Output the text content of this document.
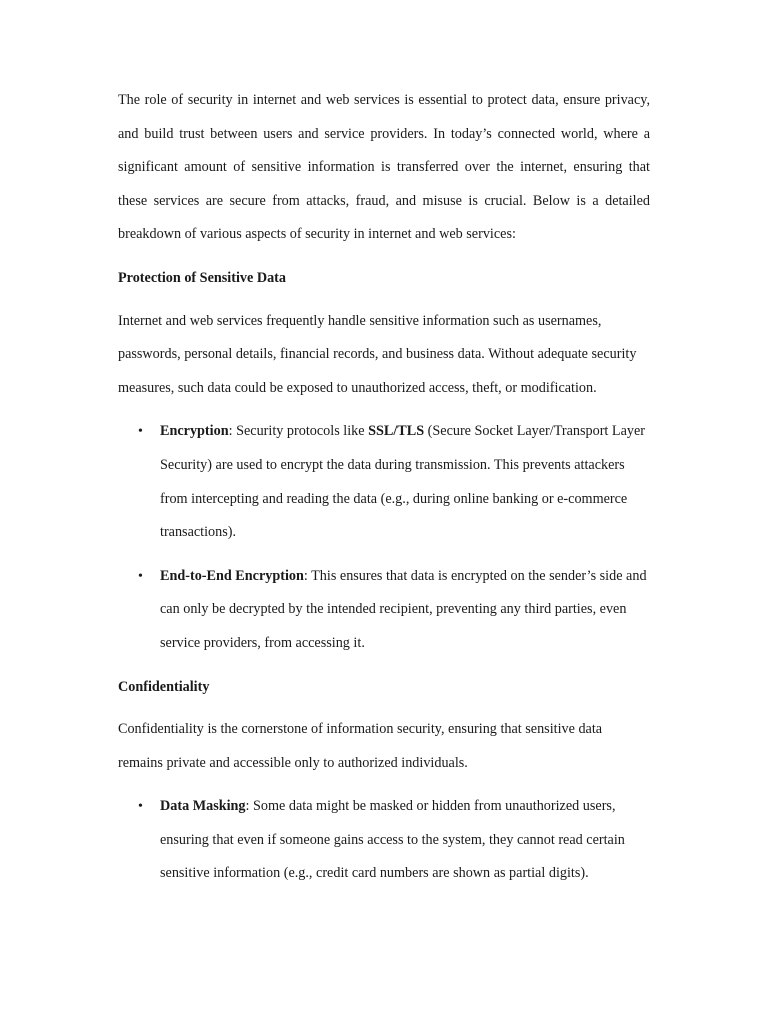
The role of security in internet and web services is essential to protect data, ensure privacy, and build trust between users and service providers. In today’s connected world, where a significant amount of sensitive information is transferred over the internet, ensuring that these services are secure from attacks, fraud, and misuse is crucial. Below is a detailed breakdown of various aspects of security in internet and web services:

Protection of Sensitive Data

Internet and web services frequently handle sensitive information such as usernames, passwords, personal details, financial records, and business data. Without adequate security measures, such data could be exposed to unauthorized access, theft, or modification.

• Encryption: Security protocols like SSL/TLS (Secure Socket Layer/Transport Layer Security) are used to encrypt the data during transmission. This prevents attackers from intercepting and reading the data (e.g., during online banking or e-commerce transactions).
• End-to-End Encryption: This ensures that data is encrypted on the sender’s side and can only be decrypted by the intended recipient, preventing any third parties, even service providers, from accessing it.
Confidentiality

Confidentiality is the cornerstone of information security, ensuring that sensitive data remains private and accessible only to authorized individuals.

• Data Masking: Some data might be masked or hidden from unauthorized users, ensuring that even if someone gains access to the system, they cannot read certain sensitive information (e.g., credit card numbers are shown as partial digits).
